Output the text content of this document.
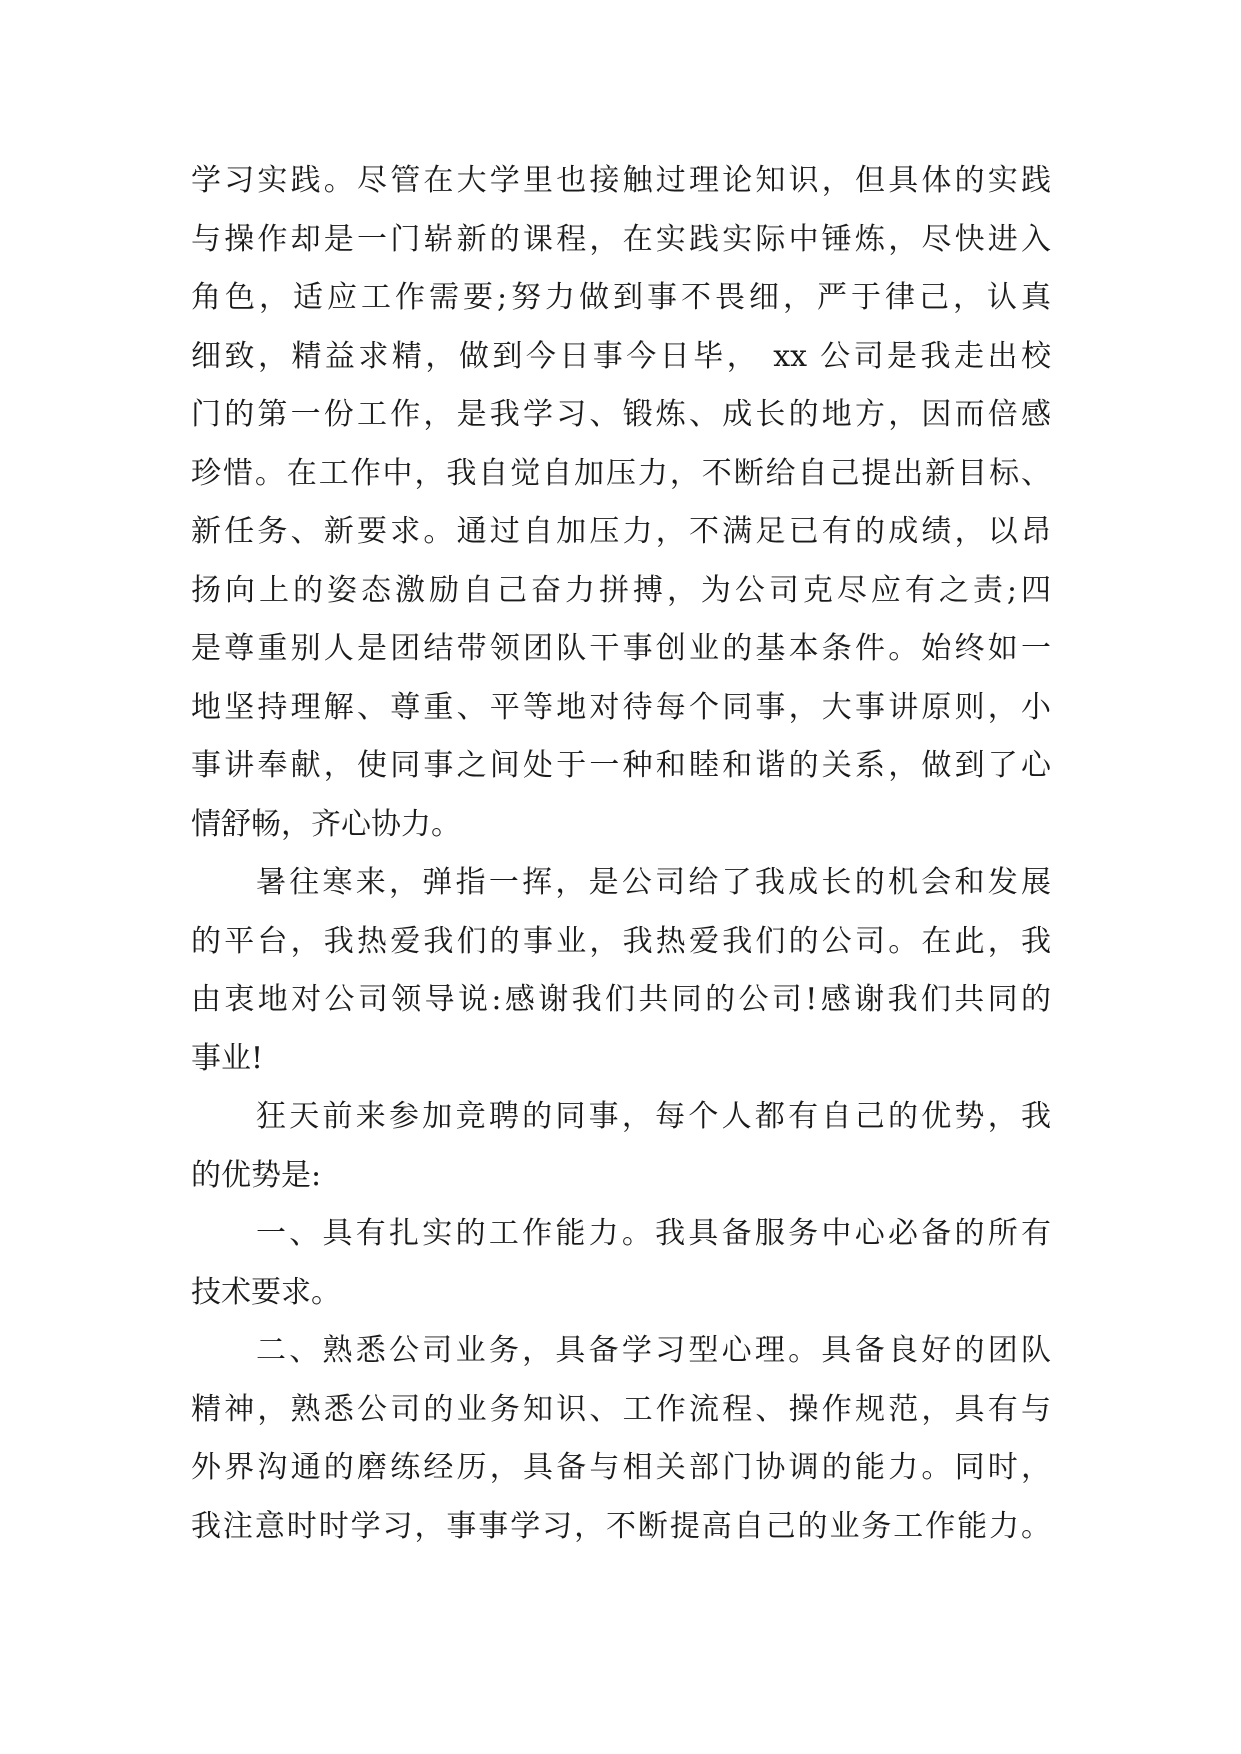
学习实践。尽管在大学里也接触过理论知识，但具体的实践
与操作却是一门崭新的课程，在实践实际中锤炼，尽快进入
角色，适应工作需要;努力做到事不畏细，严于律己，认真
细致，精益求精，做到今日事今日毕， xx 公司是我走出校
门的第一份工作，是我学习、锻炼、成长的地方，因而倍感
珍惜。在工作中，我自觉自加压力，不断给自己提出新目标、
新任务、新要求。通过自加压力，不满足已有的成绩，以昂
扬向上的姿态激励自己奋力拼搏，为公司克尽应有之责;四
是尊重别人是团结带领团队干事创业的基本条件。始终如一
地坚持理解、尊重、平等地对待每个同事，大事讲原则，小
事讲奉献，使同事之间处于一种和睦和谐的关系，做到了心
情舒畅，齐心协力。
暑往寒来，弹指一挥，是公司给了我成长的机会和发展
的平台，我热爱我们的事业，我热爱我们的公司。在此，我
由衷地对公司领导说:感谢我们共同的公司!感谢我们共同的
事业!
狂天前来参加竞聘的同事，每个人都有自己的优势，我
的优势是:
一、具有扎实的工作能力。我具备服务中心必备的所有
技术要求。
二、熟悉公司业务，具备学习型心理。具备良好的团队
精神，熟悉公司的业务知识、工作流程、操作规范，具有与
外界沟通的磨练经历，具备与相关部门协调的能力。同时，
我注意时时学习，事事学习，不断提高自己的业务工作能力。
